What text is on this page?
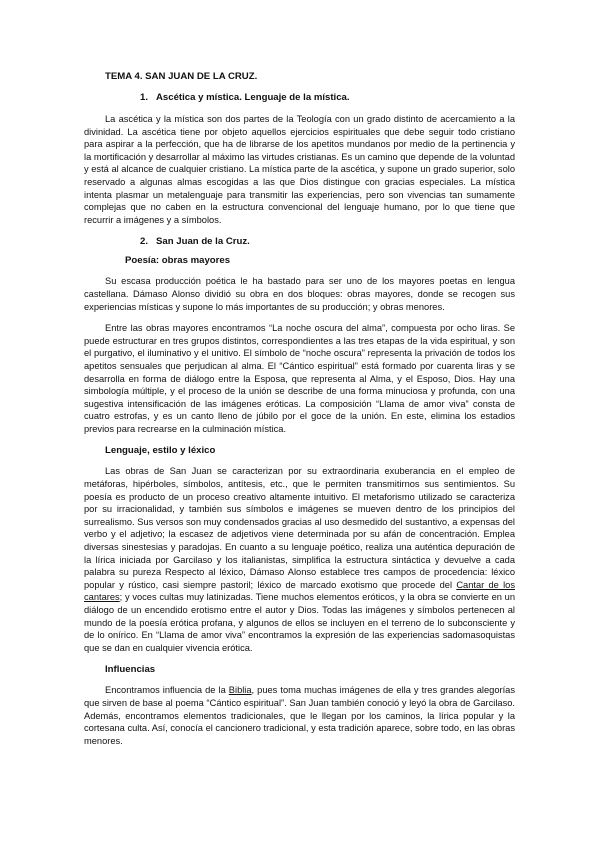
TEMA 4. SAN JUAN DE LA CRUZ.
1. Ascética y mística. Lenguaje de la mística.

La ascética y la mística son dos partes de la Teología con un grado distinto de acercamiento a la divinidad. La ascética tiene por objeto aquellos ejercicios espirituales que debe seguir todo cristiano para aspirar a la perfección, que ha de librarse de los apetitos mundanos por medio de la pertinencia y la mortificación y desarrollar al máximo las virtudes cristianas. Es un camino que depende de la voluntad y está al alcance de cualquier cristiano. La mística parte de la ascética, y supone un grado superior, solo reservado a algunas almas escogidas a las que Dios distingue con gracias especiales. La mística intenta plasmar un metalenguaje para transmitir las experiencias, pero son vivencias tan sumamente complejas que no caben en la estructura convencional del lenguaje humano, por lo que tiene que recurrir a imágenes y a símbolos.

2. San Juan de la Cruz.
Poesía: obras mayores

Su escasa producción poética le ha bastado para ser uno de los mayores poetas en lengua castellana. Dámaso Alonso dividió su obra en dos bloques: obras mayores, donde se recogen sus experiencias místicas y supone lo más importantes de su producción; y obras menores.

Entre las obras mayores encontramos “La noche oscura del alma”, compuesta por ocho liras. Se puede estructurar en tres grupos distintos, correspondientes a las tres etapas de la vida espiritual, y son el purgativo, el iluminativo y el unitivo. El símbolo de “noche oscura” representa la privación de todos los apetitos sensuales que perjudican al alma. El “Cántico espiritual” está formado por cuarenta liras y se desarrolla en forma de diálogo entre la Esposa, que representa al Alma, y el Esposo, Dios. Hay una simbología múltiple, y el proceso de la unión se describe de una forma minuciosa y profunda, con una sugestiva intensificación de las imágenes eróticas. La composición “Llama de amor viva” consta de cuatro estrofas, y es un canto lleno de júbilo por el goce de la unión. En este, elimina los estadios previos para recrearse en la culminación mística.

Lenguaje, estilo y léxico

Las obras de San Juan se caracterizan por su extraordinaria exuberancia en el empleo de metáforas, hipérboles, símbolos, antítesis, etc., que le permiten transmitirnos sus sentimientos. Su poesía es producto de un proceso creativo altamente intuitivo. El metaforismo utilizado se caracteriza por su irracionalidad, y también sus símbolos e imágenes se mueven dentro de los principios del surrealismo. Sus versos son muy condensados gracias al uso desmedido del sustantivo, a expensas del verbo y el adjetivo; la escasez de adjetivos viene determinada por su afán de concentración. Emplea diversas sinestesias y paradojas. En cuanto a su lenguaje poético, realiza una auténtica depuración de la lírica iniciada por Garcilaso y los italianistas, simplifica la estructura sintáctica y devuelve a cada palabra su pureza Respecto al léxico, Dámaso Alonso establece tres campos de procedencia: léxico popular y rústico, casi siempre pastoril; léxico de marcado exotismo que procede del Cantar de los cantares; y voces cultas muy latinizadas. Tiene muchos elementos eróticos, y la obra se convierte en un diálogo de un encendido erotismo entre el autor y Dios. Todas las imágenes y símbolos pertenecen al mundo de la poesía erótica profana, y algunos de ellos se incluyen en el terreno de lo subconsciente y de lo onírico. En “Llama de amor viva” encontramos la expresión de las experiencias sadomasoquistas que se dan en cualquier vivencia erótica.

Influencias

Encontramos influencia de la Biblia, pues toma muchas imágenes de ella y tres grandes alegorías que sirven de base al poema “Cántico espiritual”. San Juan también conoció y leyó la obra de Garcilaso. Además, encontramos elementos tradicionales, que le llegan por los caminos, la lírica popular y la cortesana culta. Así, conocía el cancionero tradicional, y esta tradición aparece, sobre todo, en las obras menores.
